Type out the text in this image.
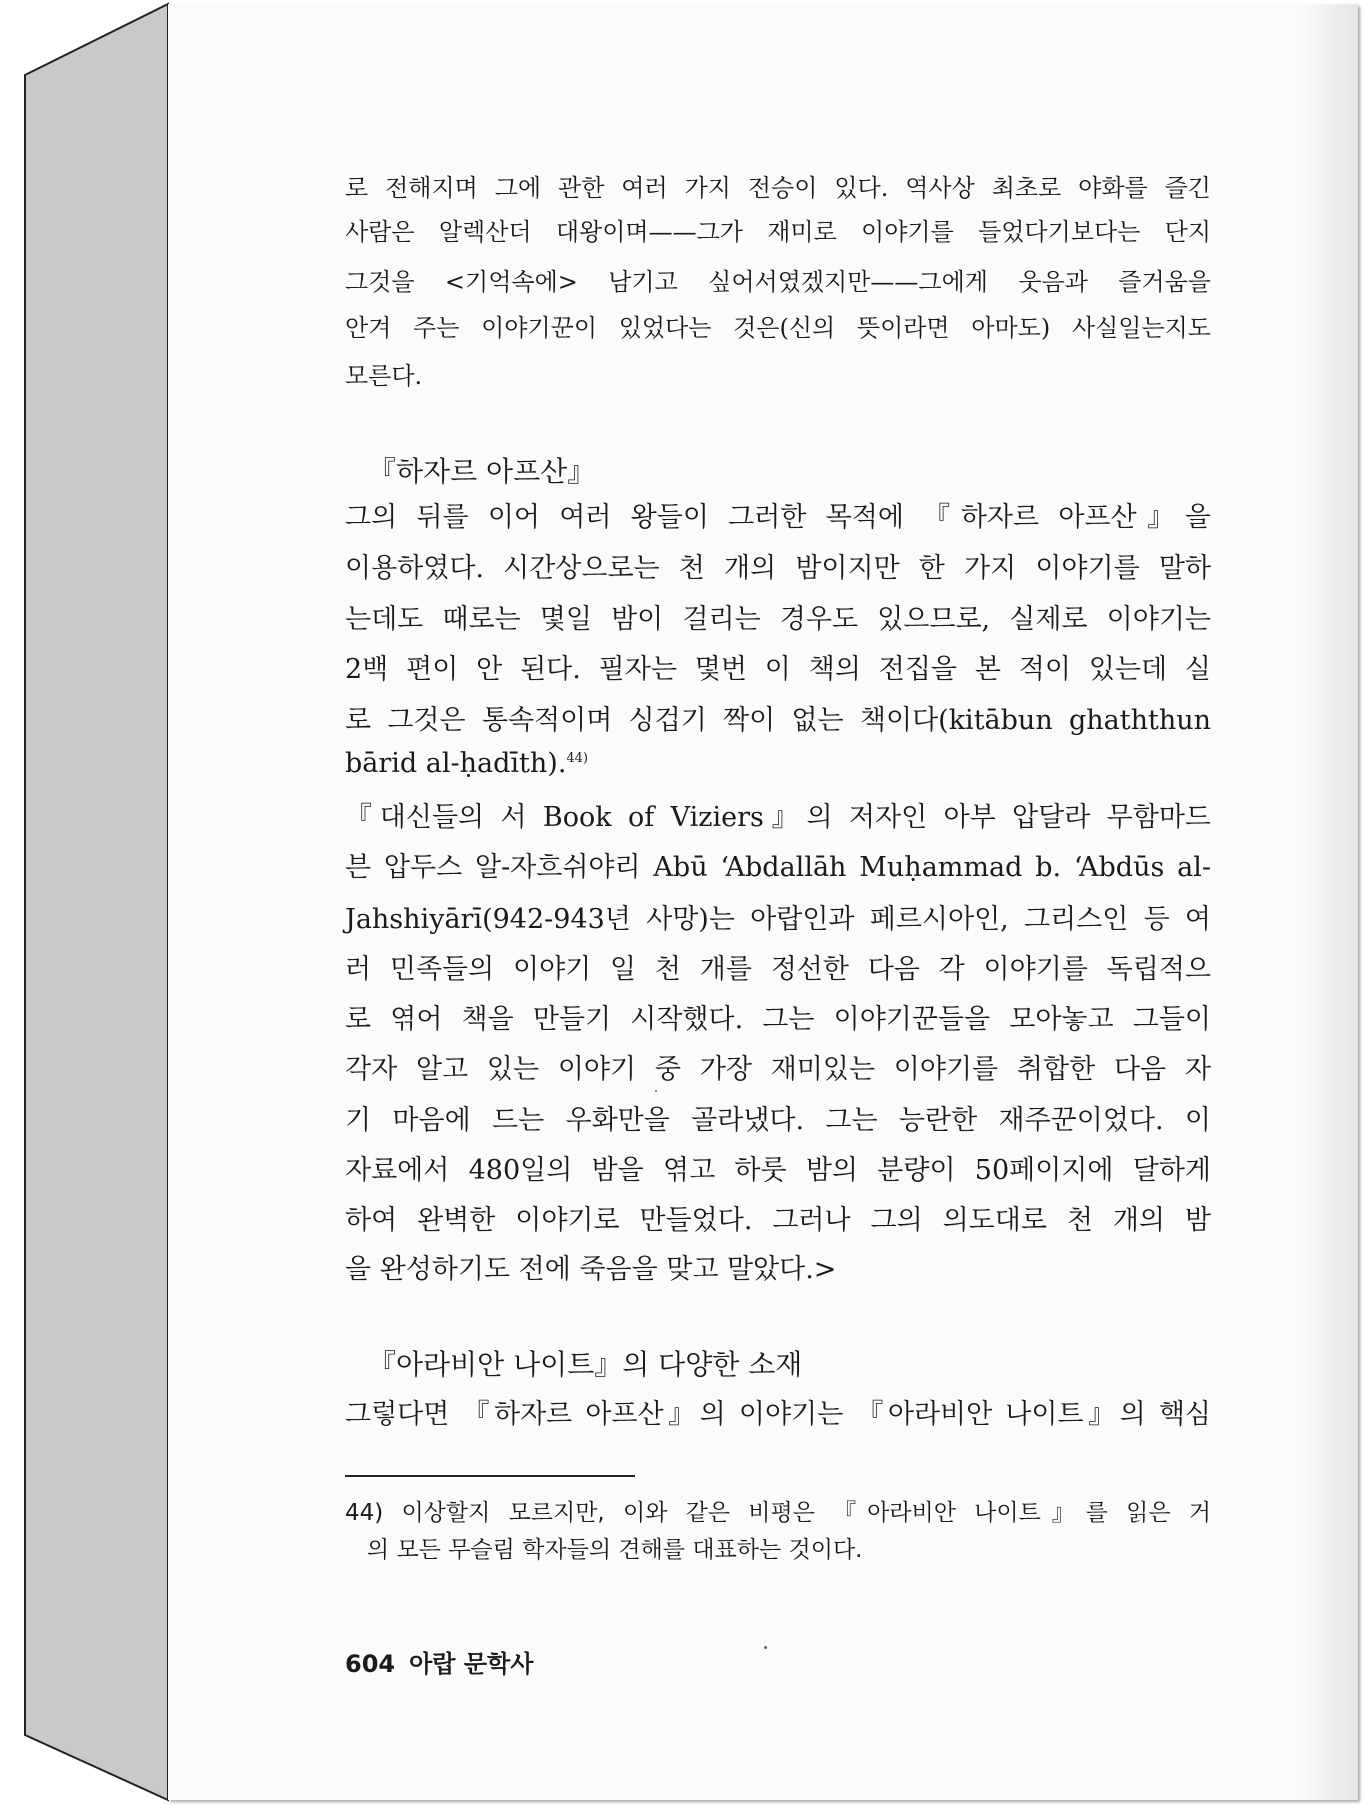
로 전해지며 그에 관한 여러 가지 전승이 있다. 역사상 최초로 야화를 즐긴
사람은 알렉산더 대왕이며——그가 재미로 이야기를 들었다기보다는 단지
그것을 <기억속에> 남기고 싶어서였겠지만——그에게 웃음과 즐거움을
안겨 주는 이야기꾼이 있었다는 것은(신의 뜻이라면 아마도) 사실일는지도
모른다.
『하자르 아프산』
그의 뒤를 이어 여러 왕들이 그러한 목적에 『하자르 아프산』을
이용하였다. 시간상으로는 천 개의 밤이지만 한 가지 이야기를 말하
는데도 때로는 몇일 밤이 걸리는 경우도 있으므로, 실제로 이야기는
2백 편이 안 된다. 필자는 몇번 이 책의 전집을 본 적이 있는데 실
로 그것은 통속적이며 싱겁기 짝이 없는 책이다(kitābun ghaththun
bārid al-ḥadīth).$^{44)}$
『대신들의 서 Book of Viziers』의 저자인 아부 압달라 무함마드
븐 압두스 알-자흐쉬야리 Abū ʻAbdallāh Muḥammad b. ʻAbdūs al-
Jahshiyārī(942-943년 사망)는 아랍인과 페르시아인, 그리스인 등 여
러 민족들의 이야기 일 천 개를 정선한 다음 각 이야기를 독립적으
로 엮어 책을 만들기 시작했다. 그는 이야기꾼들을 모아놓고 그들이
각자 알고 있는 이야기 중 가장 재미있는 이야기를 취합한 다음 자
기 마음에 드는 우화만을 골라냈다. 그는 능란한 재주꾼이었다. 이
자료에서 480일의 밤을 엮고 하룻 밤의 분량이 50페이지에 달하게
하여 완벽한 이야기로 만들었다. 그러나 그의 의도대로 천 개의 밤
을 완성하기도 전에 죽음을 맞고 말았다.>
『아라비안 나이트』의 다양한 소재
그렇다면 『하자르 아프산』의 이야기는 『아라비안 나이트』의 핵심
44) 이상할지 모르지만, 이와 같은 비평은 『아라비안 나이트』를 읽은 거
의 모든 무슬림 학자들의 견해를 대표하는 것이다.
604 아랍 문학사
